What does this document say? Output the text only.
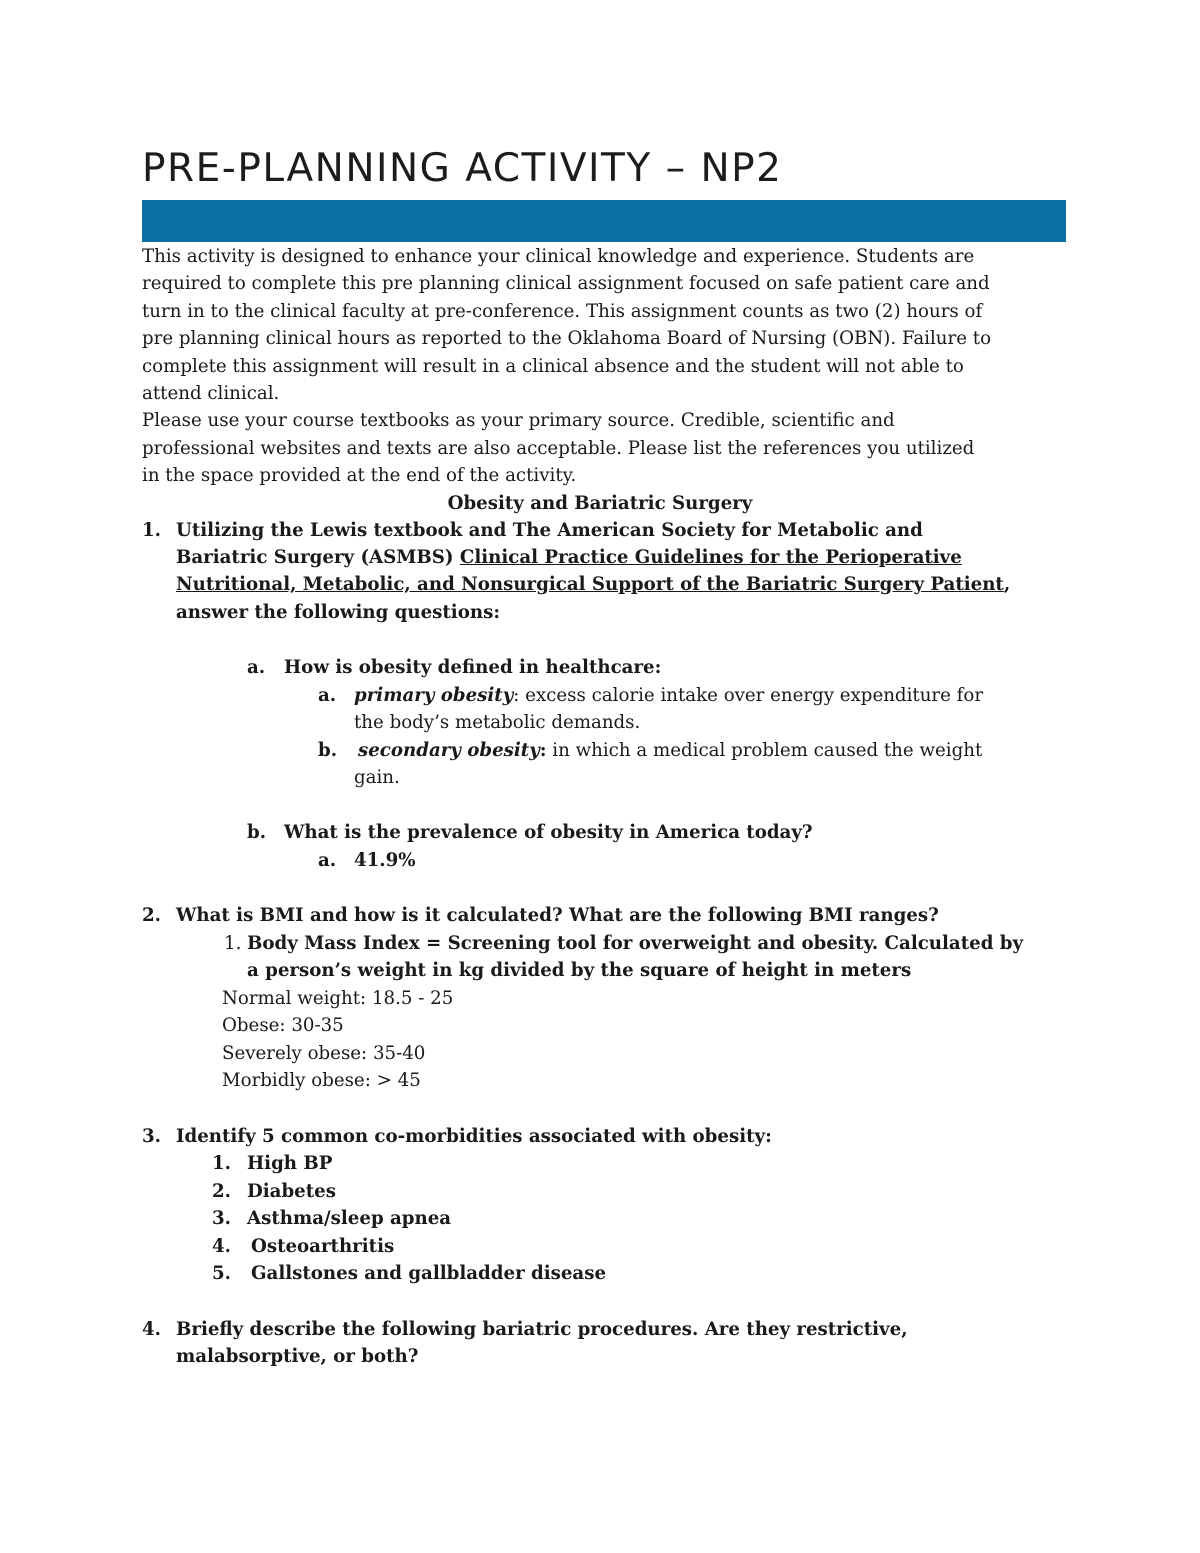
PRE-PLANNING ACTIVITY – NP2

This activity is designed to enhance your clinical knowledge and experience. Students are

required to complete this pre planning clinical assignment focused on safe patient care and

turn in to the clinical faculty at pre-conference. This assignment counts as two (2) hours of

pre planning clinical hours as reported to the Oklahoma Board of Nursing (OBN). Failure to

complete this assignment will result in a clinical absence and the student will not able to

attend clinical.

Please use your course textbooks as your primary source. Credible, scientific and

professional websites and texts are also acceptable. Please list the references you utilized

in the space provided at the end of the activity.

Obesity and Bariatric Surgery
1. Utilizing the Lewis textbook and The American Society for Metabolic and
Bariatric Surgery (ASMBS) Clinical Practice Guidelines for the Perioperative
Nutritional, Metabolic, and Nonsurgical Support of the Bariatric Surgery Patient,
answer the following questions:
a. How is obesity defined in healthcare:
a. primary obesity: excess calorie intake over energy expenditure for
the body’s metabolic demands.
b. secondary obesity: in which a medical problem caused the weight
gain.
b. What is the prevalence of obesity in America today?
a. 41.9%
2. What is BMI and how is it calculated? What are the following BMI ranges?
1. Body Mass Index = Screening tool for overweight and obesity. Calculated by
a person’s weight in kg divided by the square of height in meters
Normal weight: 18.5 - 25
Obese: 30-35
Severely obese: 35-40
Morbidly obese: > 45
3. Identify 5 common co-morbidities associated with obesity:
1. High BP
2. Diabetes
3. Asthma/sleep apnea
4. Osteoarthritis
5. Gallstones and gallbladder disease
4. Briefly describe the following bariatric procedures. Are they restrictive,
malabsorptive, or both?
